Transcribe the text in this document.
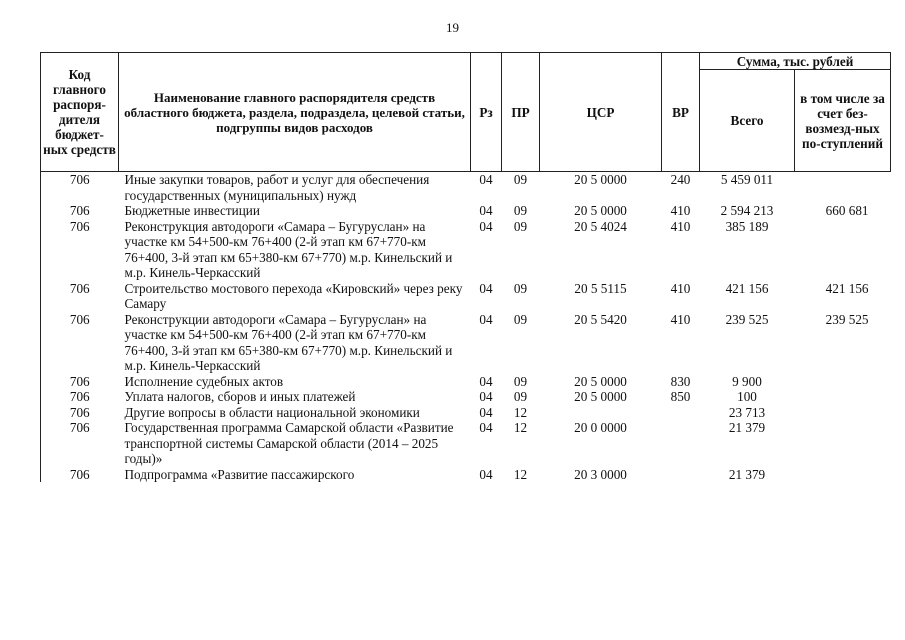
19
Код главного распоря-дителя бюджет-ных средств	Наименование главного распорядителя средств областного бюджета, раздела, подраздела, целевой статьи, подгруппы видов расходов	Рз	ПР	ЦСР	ВР	Сумма, тыс. рублей	
						Всего	в том числе за счет без-возмезд-ных по-ступлений
706	Иные закупки товаров, работ и услуг для обеспечения государственных (муниципальных) нужд	04	09	20 5 0000	240	5 459 011	
706	Бюджетные инвестиции	04	09	20 5 0000	410	2 594 213	660 681
706	Реконструкция автодороги «Самара – Бугуруслан» на участке км 54+500-км 76+400 (2-й этап км 67+770-км 76+400, 3-й этап км 65+380-км 67+770) м.р. Кинельский и м.р. Кинель-Черкасский	04	09	20 5 4024	410	385 189	
706	Строительство мостового перехода «Кировский» через реку Самару	04	09	20 5 5115	410	421 156	421 156
706	Реконструкции автодороги «Самара – Бугуруслан» на участке км 54+500-км 76+400 (2-й этап км 67+770-км 76+400, 3-й этап км 65+380-км 67+770) м.р. Кинельский и м.р. Кинель-Черкасский	04	09	20 5 5420	410	239 525	239 525
706	Исполнение судебных актов	04	09	20 5 0000	830	9 900	
706	Уплата налогов, сборов и иных платежей	04	09	20 5 0000	850	100	
706	Другие вопросы в области национальной экономики	04	12			23 713	
706	Государственная программа Самарской области «Развитие транспортной системы Самарской области (2014 – 2025 годы)»	04	12	20 0 0000		21 379	
706	Подпрограмма «Развитие пассажирского	04	12	20 3 0000		21 379	
